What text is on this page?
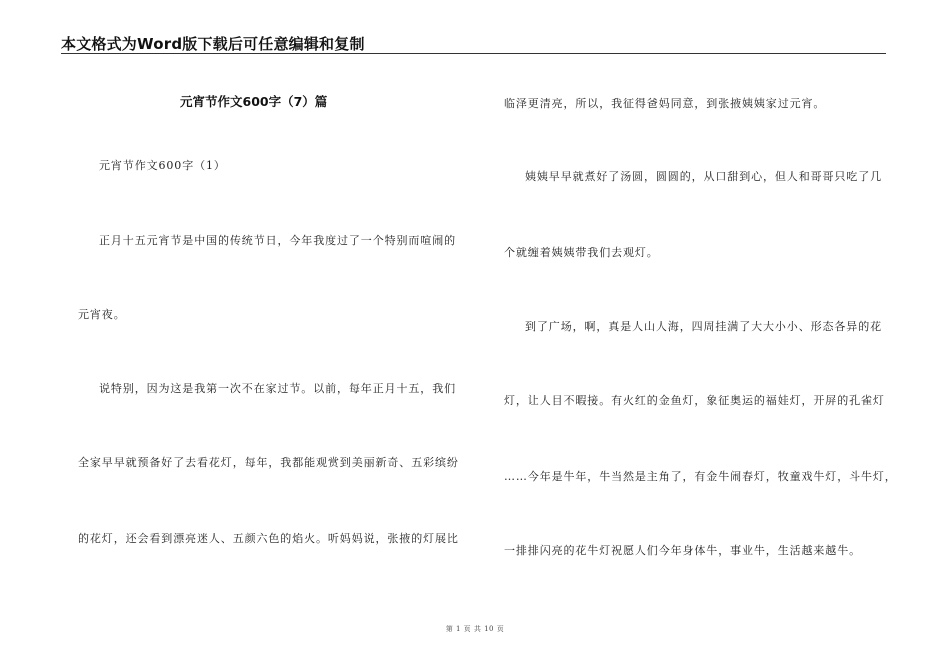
本文格式为Word版下载后可任意编辑和复制
元宵节作文600字（7）篇
元宵节作文600字（1）
正月十五元宵节是中国的传统节日，今年我度过了一个特别而喧闹的
元宵夜。
说特别，因为这是我第一次不在家过节。以前，每年正月十五，我们
全家早早就预备好了去看花灯，每年，我都能观赏到美丽新奇、五彩缤纷
的花灯，还会看到漂亮迷人、五颜六色的焰火。听妈妈说，张掖的灯展比
临泽更清亮，所以，我征得爸妈同意，到张掖姨姨家过元宵。
姨姨早早就煮好了汤圆，圆圆的，从口甜到心，但人和哥哥只吃了几
个就缠着姨姨带我们去观灯。
到了广场，啊，真是人山人海，四周挂满了大大小小、形态各异的花
灯，让人目不暇接。有火红的金鱼灯，象征奥运的福娃灯，开屏的孔雀灯
……今年是牛年，牛当然是主角了，有金牛闹春灯，牧童戏牛灯，斗牛灯，
一排排闪亮的花牛灯祝愿人们今年身体牛，事业牛，生活越来越牛。
第 1 页 共 10 页
